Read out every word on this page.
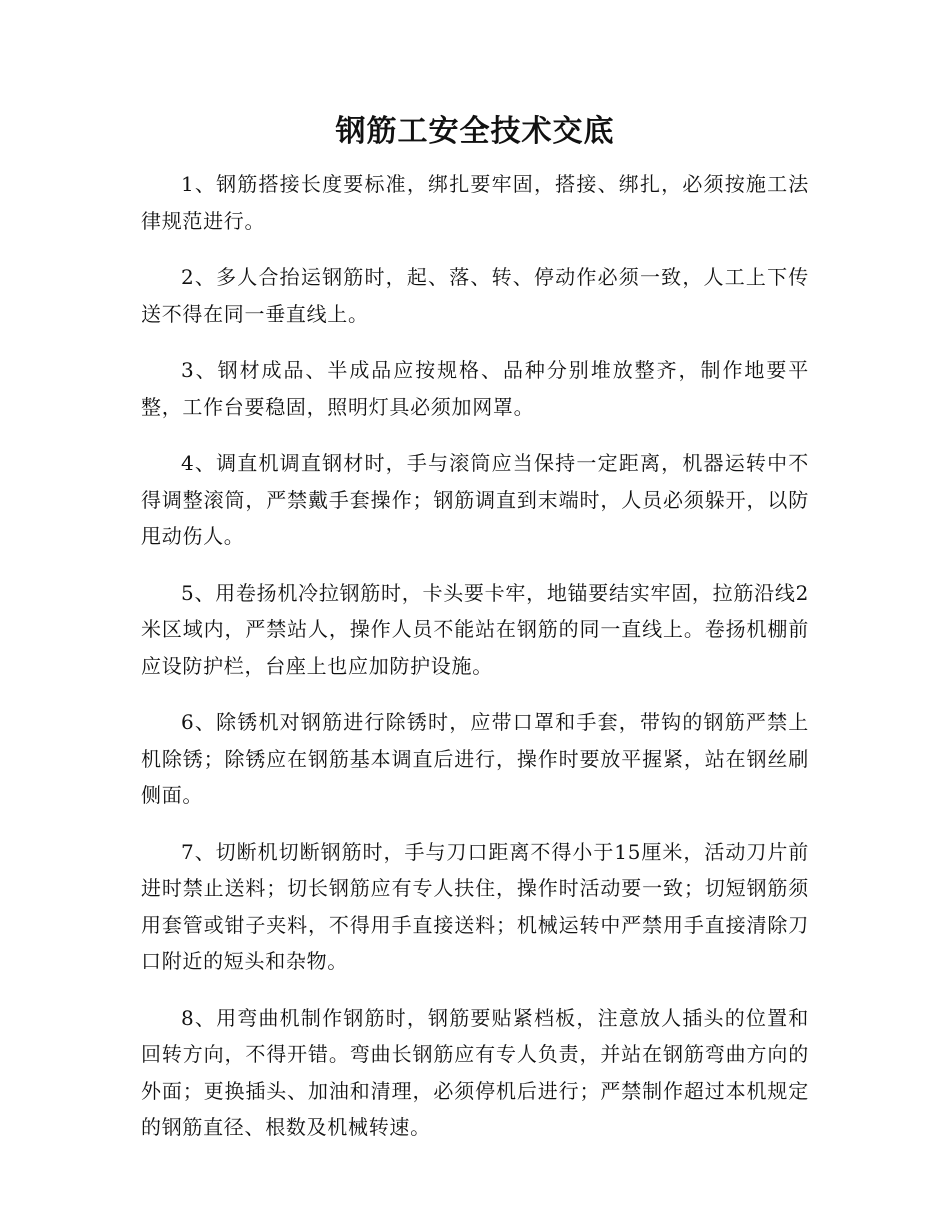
钢筋工安全技术交底

1、钢筋搭接长度要标准，绑扎要牢固，搭接、绑扎，必须按施工法律规范进行。

2、多人合抬运钢筋时，起、落、转、停动作必须一致，人工上下传送不得在同一垂直线上。

3、钢材成品、半成品应按规格、品种分别堆放整齐，制作地要平整，工作台要稳固，照明灯具必须加网罩。

4、调直机调直钢材时，手与滚筒应当保持一定距离，机器运转中不得调整滚筒，严禁戴手套操作；钢筋调直到末端时，人员必须躲开，以防甩动伤人。

5、用卷扬机冷拉钢筋时，卡头要卡牢，地锚要结实牢固，拉筋沿线2米区域内，严禁站人，操作人员不能站在钢筋的同一直线上。卷扬机棚前应设防护栏，台座上也应加防护设施。

6、除锈机对钢筋进行除锈时，应带口罩和手套，带钩的钢筋严禁上机除锈；除锈应在钢筋基本调直后进行，操作时要放平握紧，站在钢丝刷侧面。

7、切断机切断钢筋时，手与刀口距离不得小于15厘米，活动刀片前进时禁止送料；切长钢筋应有专人扶住，操作时活动要一致；切短钢筋须用套管或钳子夹料，不得用手直接送料；机械运转中严禁用手直接清除刀口附近的短头和杂物。

8、用弯曲机制作钢筋时，钢筋要贴紧档板，注意放人插头的位置和回转方向，不得开错。弯曲长钢筋应有专人负责，并站在钢筋弯曲方向的外面；更换插头、加油和清理，必须停机后进行；严禁制作超过本机规定的钢筋直径、根数及机械转速。
